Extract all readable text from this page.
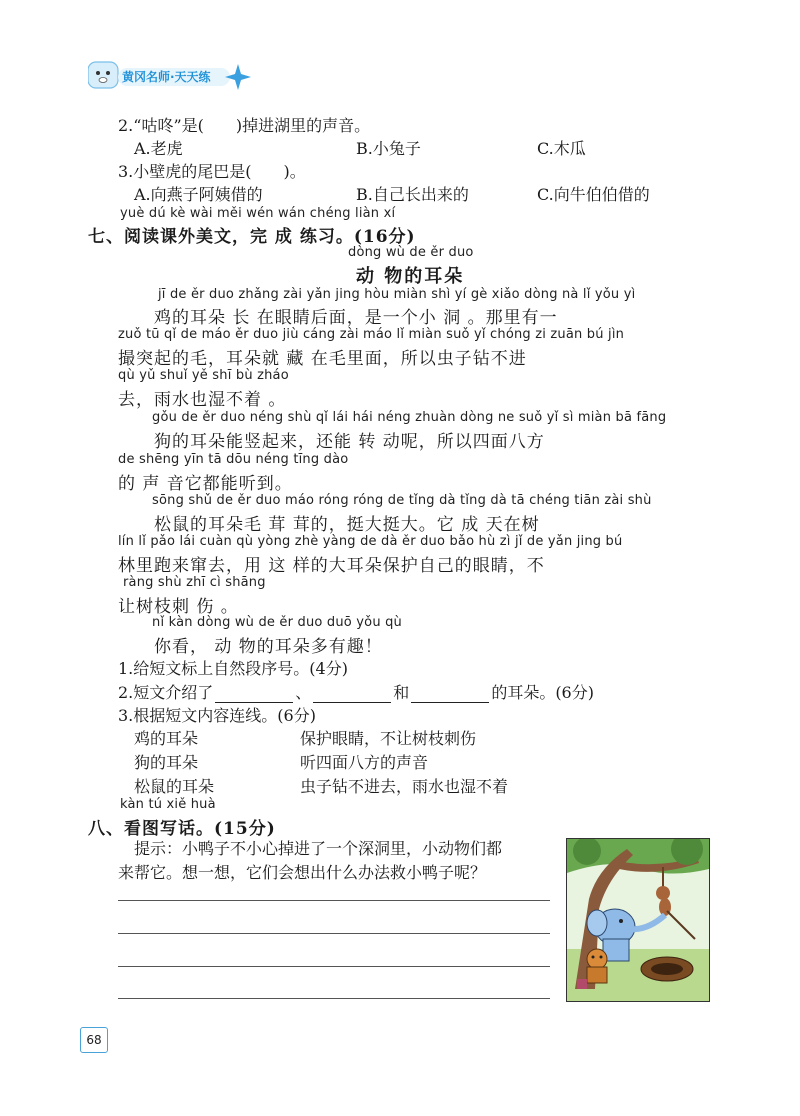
黄冈名师·天天练
2.“咕咚”是(　　)掉进湖里的声音。
A.老虎	B.小兔子	C.木瓜
3.小壁虎的尾巴是(　　)。
A.向燕子阿姨借的	B.自己长出来的	C.向牛伯伯借的
yuè dú kè wài měi wén wán chéng liàn xí
七、阅读课外美文，完 成 练习。(16分)
dòng wù de ěr duo
动 物的耳朵
jī de ěr duo zhǎng zài yǎn jing hòu miàn shì yí gè xiǎo dòng nà lǐ yǒu yì
　　鸡的耳朵 长 在眼睛后面，是一个小 洞 。那里有一
zuǒ tū qǐ de máo ěr duo jiù cáng zài máo lǐ miàn suǒ yǐ chóng zi zuān bú jìn
撮突起的毛，耳朵就 藏 在毛里面，所以虫子钻不进
qù yǔ shuǐ yě shī bù zháo
去，雨水也湿不着 。
gǒu de ěr duo néng shù qǐ lái hái néng zhuàn dòng ne suǒ yǐ sì miàn bā fāng
　　狗的耳朵能竖起来，还能 转 动呢，所以四面八方
de shēng yīn tā dōu néng tīng dào
的 声 音它都能听到。
sōng shǔ de ěr duo máo róng róng de tǐng dà tǐng dà tā chéng tiān zài shù
　　松鼠的耳朵毛 茸 茸的，挺大挺大。它 成 天在树
lín lǐ pǎo lái cuàn qù yòng zhè yàng de dà ěr duo bǎo hù zì jǐ de yǎn jing bú
林里跑来窜去，用 这 样的大耳朵保护自己的眼睛，不
ràng shù zhī cì shāng
让树枝刺 伤 。
nǐ kàn dòng wù de ěr duo duō yǒu qù
　　你看， 动 物的耳朵多有趣！
1.给短文标上自然段序号。(4分)
2.短文介绍了	、	和	的耳朵。(6分)
3.根据短文内容连线。(6分)
鸡的耳朵
狗的耳朵
松鼠的耳朵
保护眼睛，不让树枝刺伤
听四面八方的声音
虫子钻不进去，雨水也湿不着
kàn tú xiě huà
八、看图写话。(15分)
提示：小鸭子不小心掉进了一个深洞里，小动物们都
来帮它。想一想，它们会想出什么办法救小鸭子呢？
68
